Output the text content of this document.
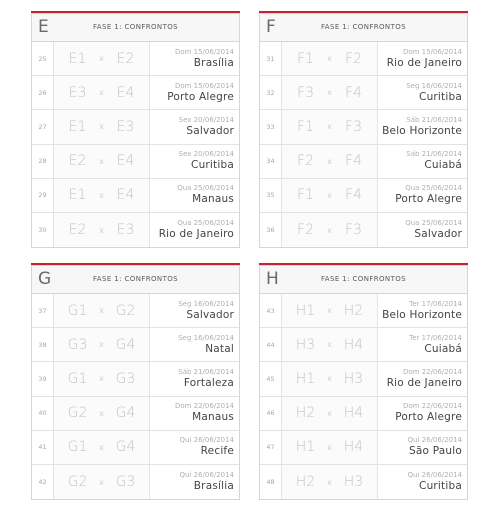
E	FASE 1: CONFRONTOS
25	E1	x E2	Dom 15/06/2014
Brasília
26	E3	x E4	Dom 15/06/2014
Porto Alegre
27	E1	x E3	Sex 20/06/2014
Salvador
28	E2	x E4	Sex 20/06/2014
Curitiba
29	E1	x E4	Qua 25/06/2014
Manaus
30	E2	x E3	Qua 25/06/2014
Rio de Janeiro
F	FASE 1: CONFRONTOS
31	F1	x F2	Dom 15/06/2014
Rio de Janeiro
32	F3	x F4	Seg 16/06/2014
Curitiba
33	F1	x F3	Sáb 21/06/2014
Belo Horizonte
34	F2	x F4	Sáb 21/06/2014
Cuiabá
35	F1	x F4	Qua 25/06/2014
Porto Alegre
36	F2	x F3	Qua 25/06/2014
Salvador
G	FASE 1: CONFRONTOS
37	G1	x G2	Seg 16/06/2014
Salvador
38	G3	x G4	Seg 16/06/2014
Natal
39	G1	x G3	Sáb 21/06/2014
Fortaleza
40	G2	x G4	Dom 22/06/2014
Manaus
41	G1	x G4	Qui 26/06/2014
Recife
42	G2	x G3	Qui 26/06/2014
Brasília
H	FASE 1: CONFRONTOS
43	H1	x H2	Ter 17/06/2014
Belo Horizonte
44	H3	x H4	Ter 17/06/2014
Cuiabá
45	H1	x H3	Dom 22/06/2014
Rio de Janeiro
46	H2	x H4	Dom 22/06/2014
Porto Alegre
47	H1	x H4	Qui 26/06/2014
São Paulo
48	H2	x H3	Qui 26/06/2014
Curitiba
